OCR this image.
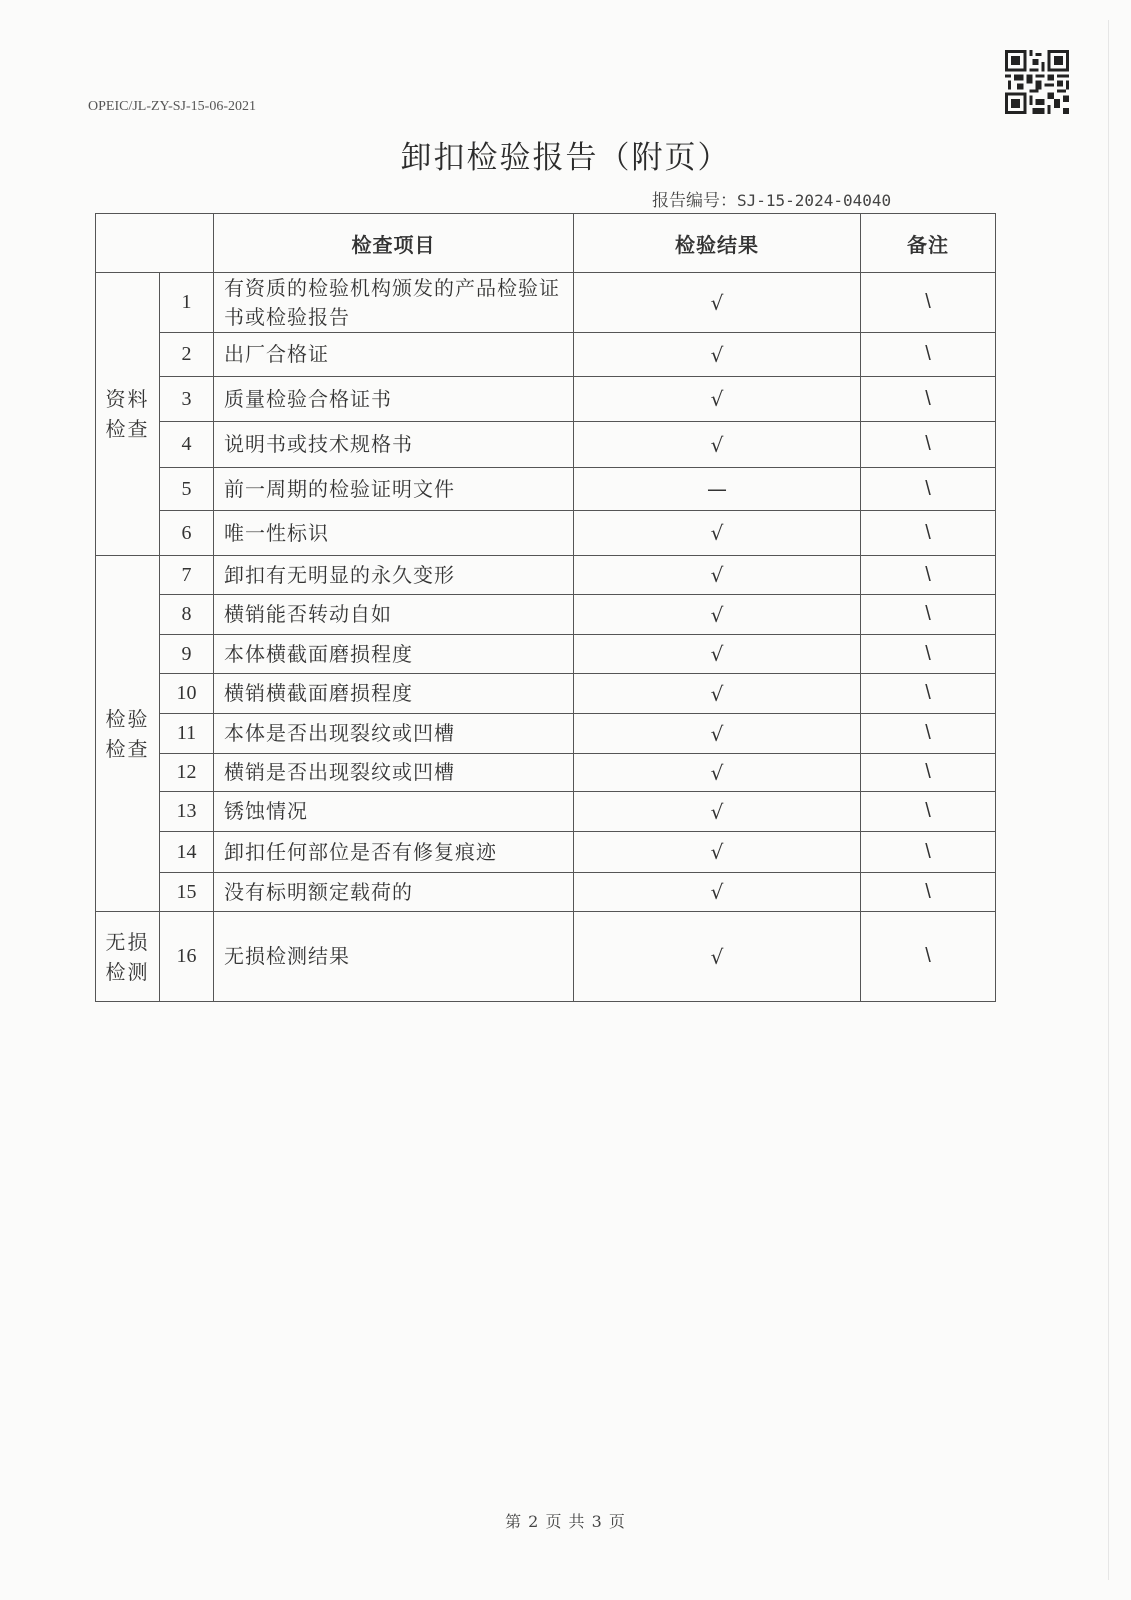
OPEIC/JL-ZY-SJ-15-06-2021
卸扣检验报告（附页）
报告编号：SJ-15-2024-04040
		检查项目	检验结果	备注

资料
检查	1	有资质的检验机构颁发的产品检验证书或检验报告	√	\
	2	出厂合格证	√	\
	3	质量检验合格证书	√	\
	4	说明书或技术规格书	√	\
	5	前一周期的检验证明文件	—	\
	6	唯一性标识	√	\

检验
检查	7	卸扣有无明显的永久变形	√	\
	8	横销能否转动自如	√	\
	9	本体横截面磨损程度	√	\
	10	横销横截面磨损程度	√	\
	11	本体是否出现裂纹或凹槽	√	\
	12	横销是否出现裂纹或凹槽	√	\
	13	锈蚀情况	√	\
	14	卸扣任何部位是否有修复痕迹	√	\
	15	没有标明额定载荷的	√	\

无损
检测	16	无损检测结果	√	\
第 2 页 共 3 页
